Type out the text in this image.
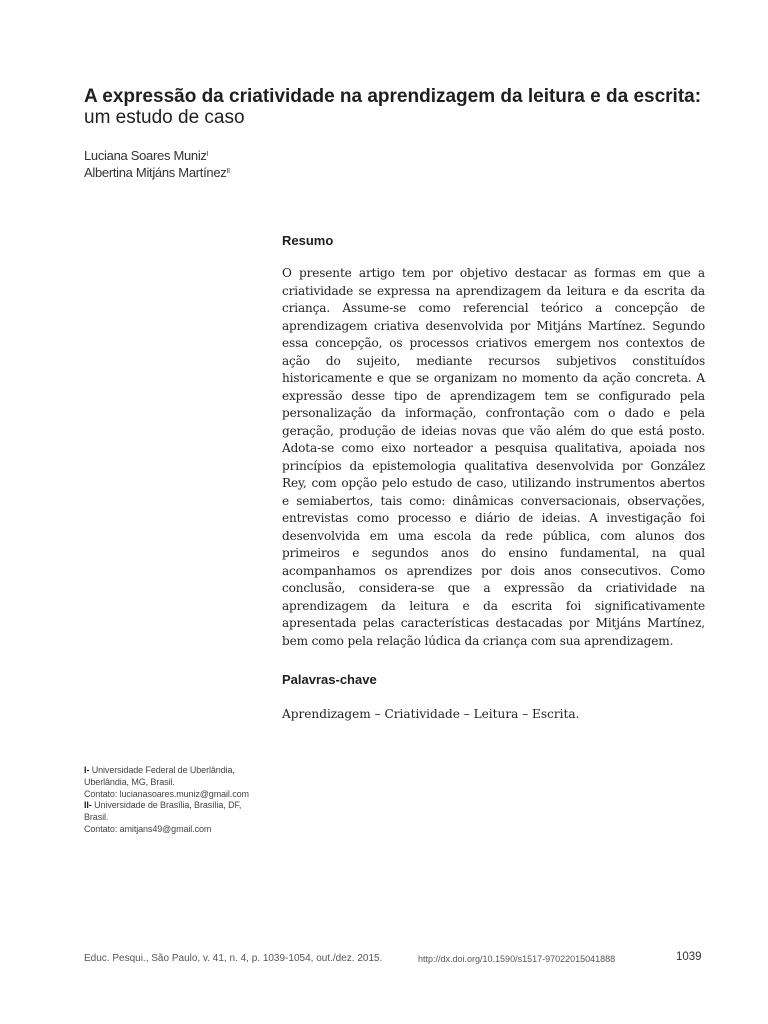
A expressão da criatividade na aprendizagem da leitura e da escrita: um estudo de caso
Luciana Soares Muniz$^I$
Albertina Mitjáns Martínez$^{II}$
Resumo

O presente artigo tem por objetivo destacar as formas em que a criatividade se expressa na aprendizagem da leitura e da escrita da criança. Assume-se como referencial teórico a concepção de aprendizagem criativa desenvolvida por Mitjáns Martínez. Segundo essa concepção, os processos criativos emergem nos contextos de ação do sujeito, mediante recursos subjetivos constituídos historicamente e que se organizam no momento da ação concreta. A expressão desse tipo de aprendizagem tem se configurado pela personalização da informação, confrontação com o dado e pela geração, produção de ideias novas que vão além do que está posto. Adota-se como eixo norteador a pesquisa qualitativa, apoiada nos princípios da epistemologia qualitativa desenvolvida por González Rey, com opção pelo estudo de caso, utilizando instrumentos abertos e semiabertos, tais como: dinâmicas conversacionais, observações, entrevistas como processo e diário de ideias. A investigação foi desenvolvida em uma escola da rede pública, com alunos dos primeiros e segundos anos do ensino fundamental, na qual acompanhamos os aprendizes por dois anos consecutivos. Como conclusão, considera-se que a expressão da criatividade na aprendizagem da leitura e da escrita foi significativamente apresentada pelas características destacadas por Mitjáns Martínez, bem como pela relação lúdica da criança com sua aprendizagem.

Palavras-chave

Aprendizagem – Criatividade – Leitura – Escrita.

I- Universidade Federal de Uberlândia,
Uberlândia, MG, Brasil.
Contato: lucianasoares.muniz@gmail.com
II- Universidade de Brasília, Brasília, DF,
Brasil.
Contato: amitjans49@gmail.com
Educ. Pesqui., São Paulo, v. 41, n. 4, p. 1039-1054, out./dez. 2015.	http://dx.doi.org/10.1590/s1517-97022015041888	1039
